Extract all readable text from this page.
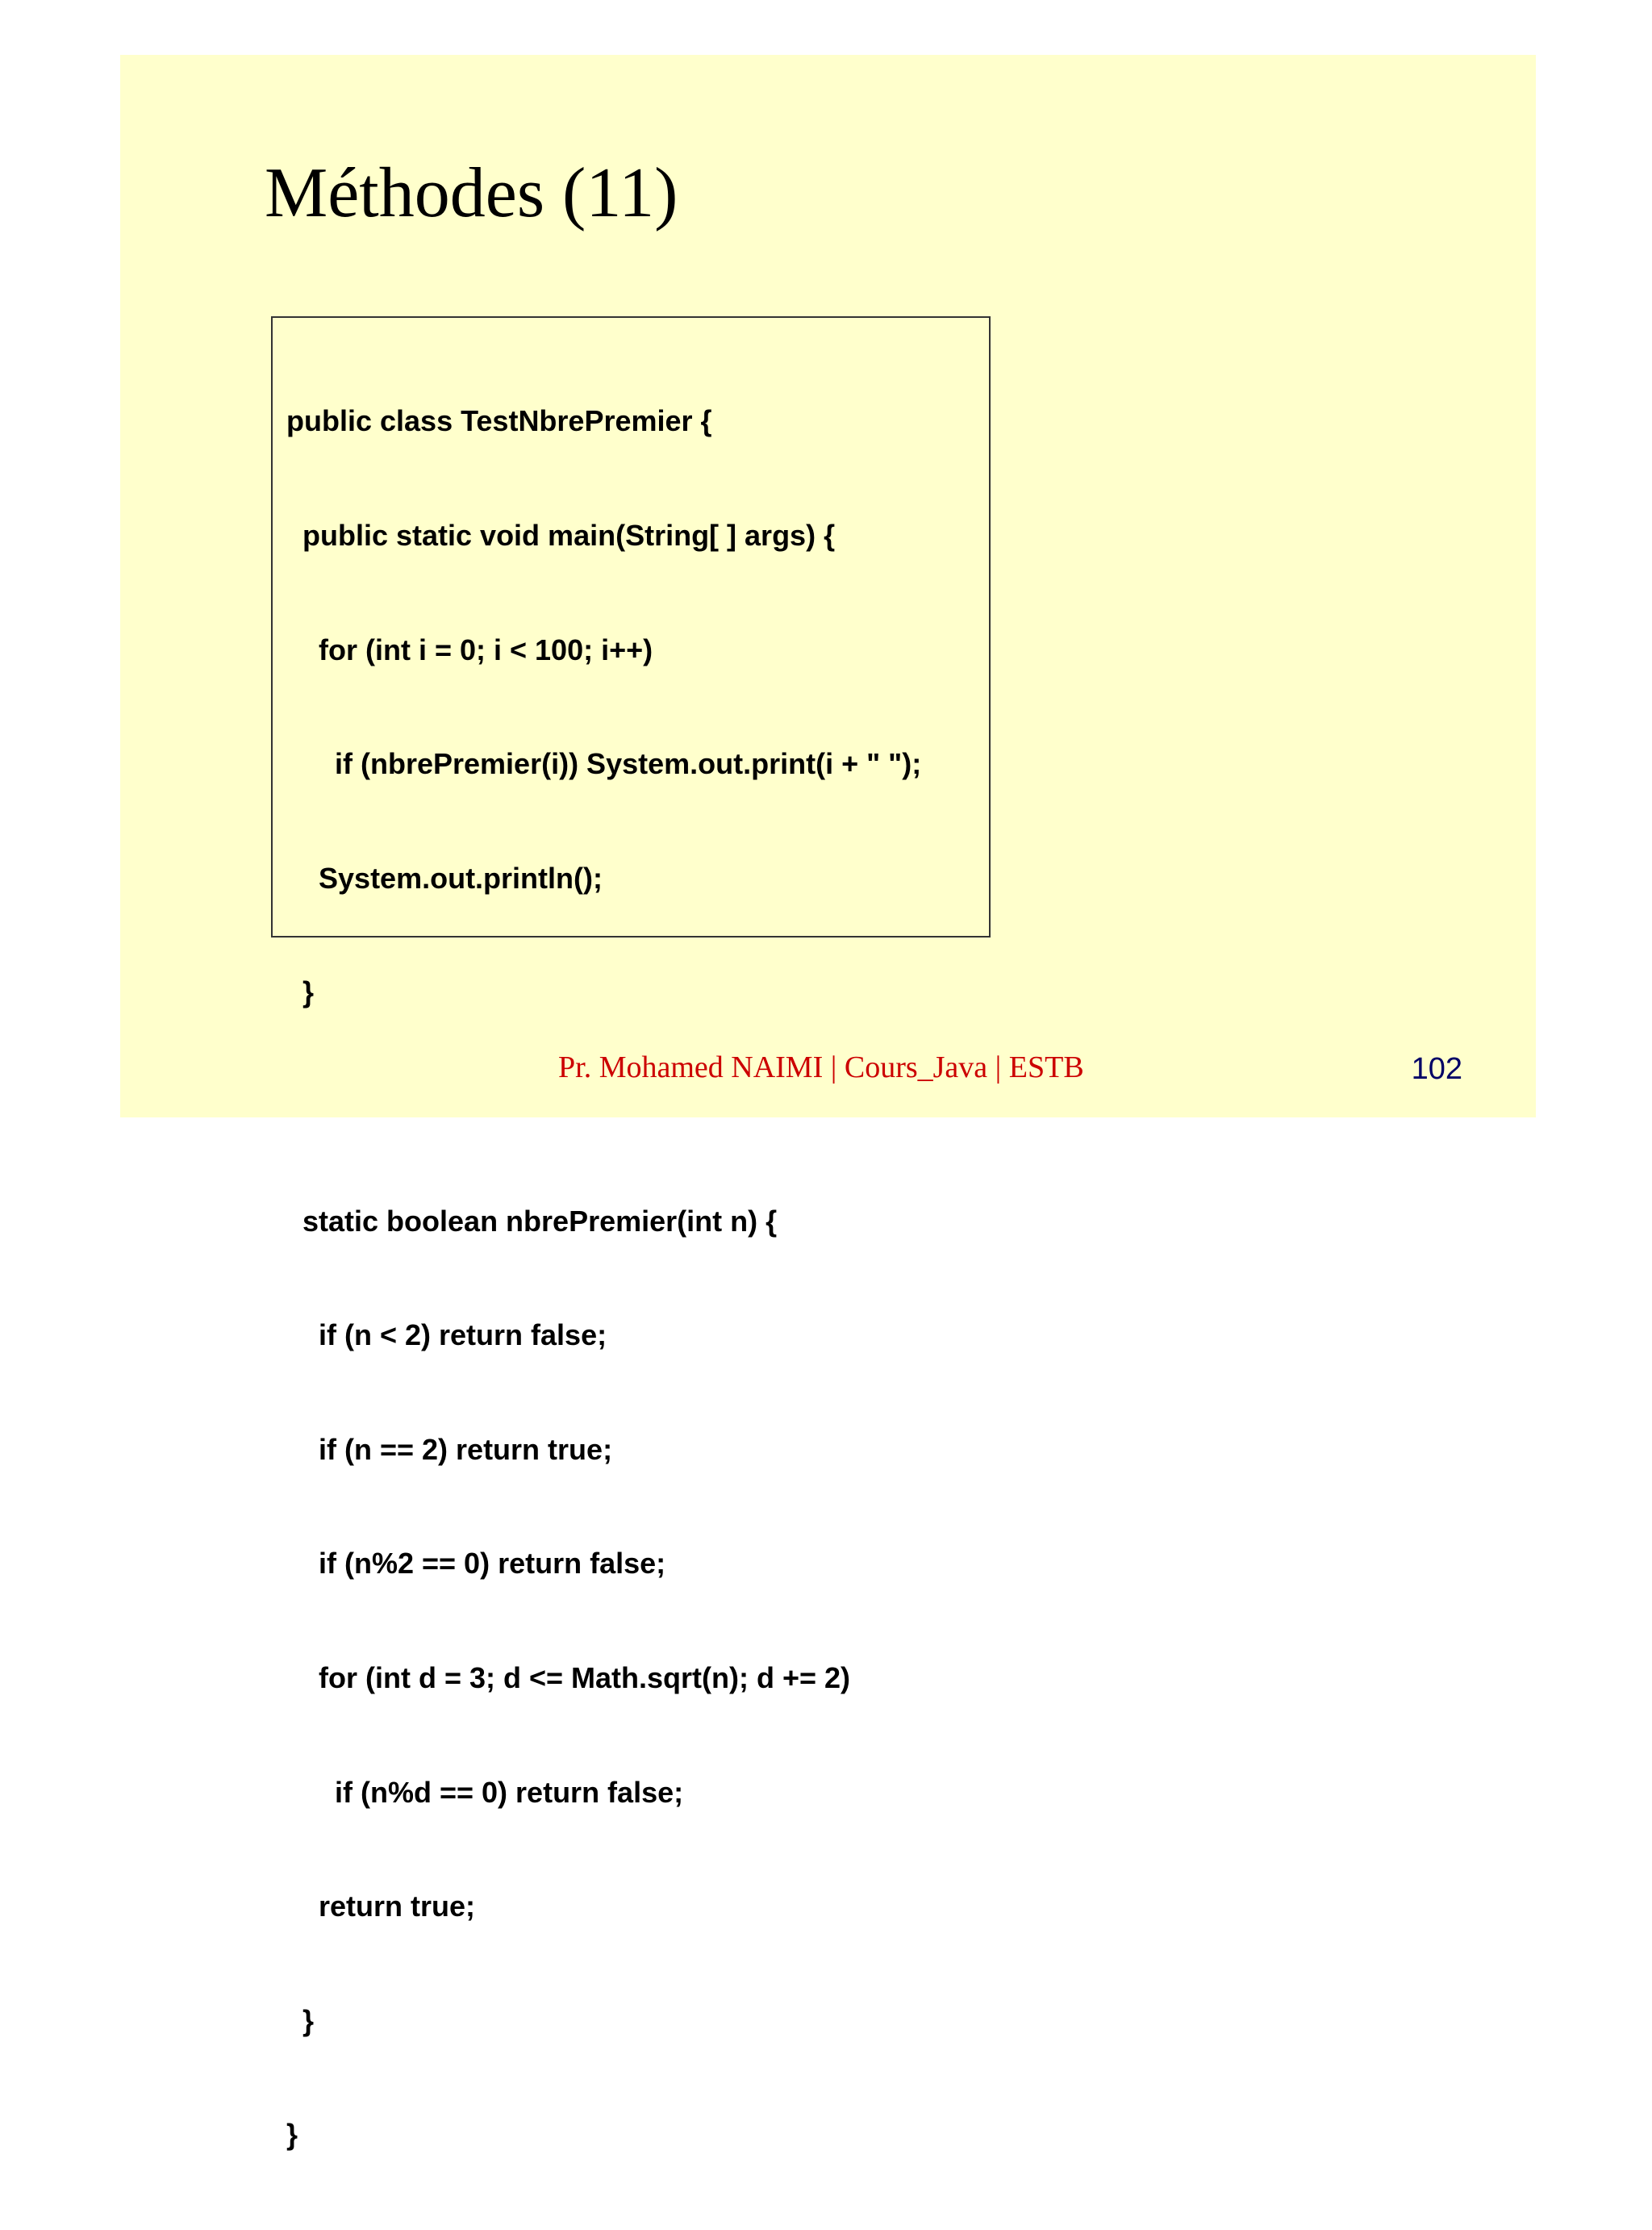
Méthodes (11)

public class TestNbrePremier {

public static void main(String[ ] args) {

for (int i = 0; i < 100; i++)

if (nbrePremier(i)) System.out.print(i + " ");

System.out.println();

}

static boolean nbrePremier(int n) {

if (n < 2) return false;

if (n == 2) return true;

if (n%2 == 0) return false;

for (int d = 3; d <= Math.sqrt(n); d += 2)

if (n%d == 0) return false;

return true;

}

}

Pr. Mohamed NAIMI | Cours_Java | ESTB	102
